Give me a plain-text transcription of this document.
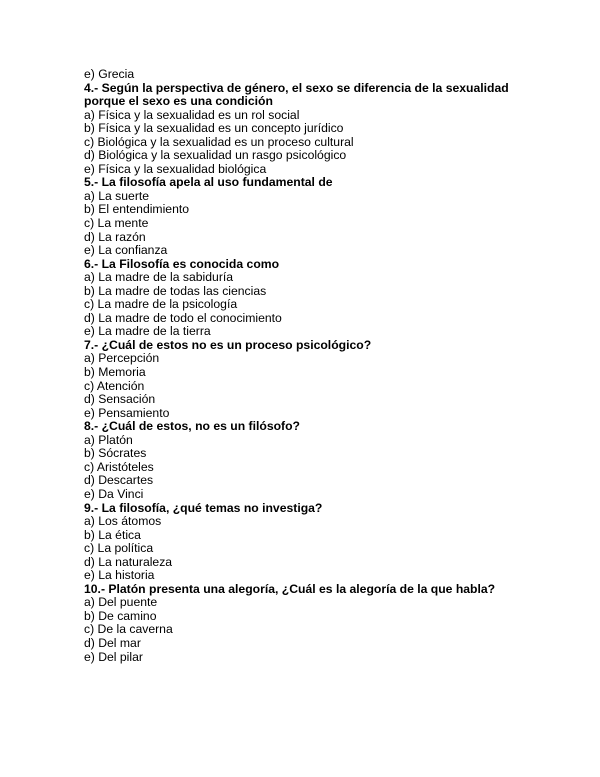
e) Grecia
4.- Según la perspectiva de género, el sexo se diferencia de la sexualidad
porque el sexo es una condición
a) Física y la sexualidad es un rol social
b) Física y la sexualidad es un concepto jurídico
c) Biológica y la sexualidad es un proceso cultural
d) Biológica y la sexualidad un rasgo psicológico
e) Física y la sexualidad biológica
5.- La filosofía apela al uso fundamental de
a) La suerte
b) El entendimiento
c) La mente
d) La razón
e) La confianza
6.- La Filosofía es conocida como
a) La madre de la sabiduría
b) La madre de todas las ciencias
c) La madre de la psicología
d) La madre de todo el conocimiento
e) La madre de la tierra
7.- ¿Cuál de estos no es un proceso psicológico?
a) Percepción
b) Memoria
c) Atención
d) Sensación
e) Pensamiento
8.- ¿Cuál de estos, no es un filósofo?
a) Platón
b) Sócrates
c) Aristóteles
d) Descartes
e) Da Vinci
9.- La filosofía, ¿qué temas no investiga?
a) Los átomos
b) La ética
c) La política
d) La naturaleza
e) La historia
10.- Platón presenta una alegoría, ¿Cuál es la alegoría de la que habla?
a) Del puente
b) De camino
c) De la caverna
d) Del mar
e) Del pilar
